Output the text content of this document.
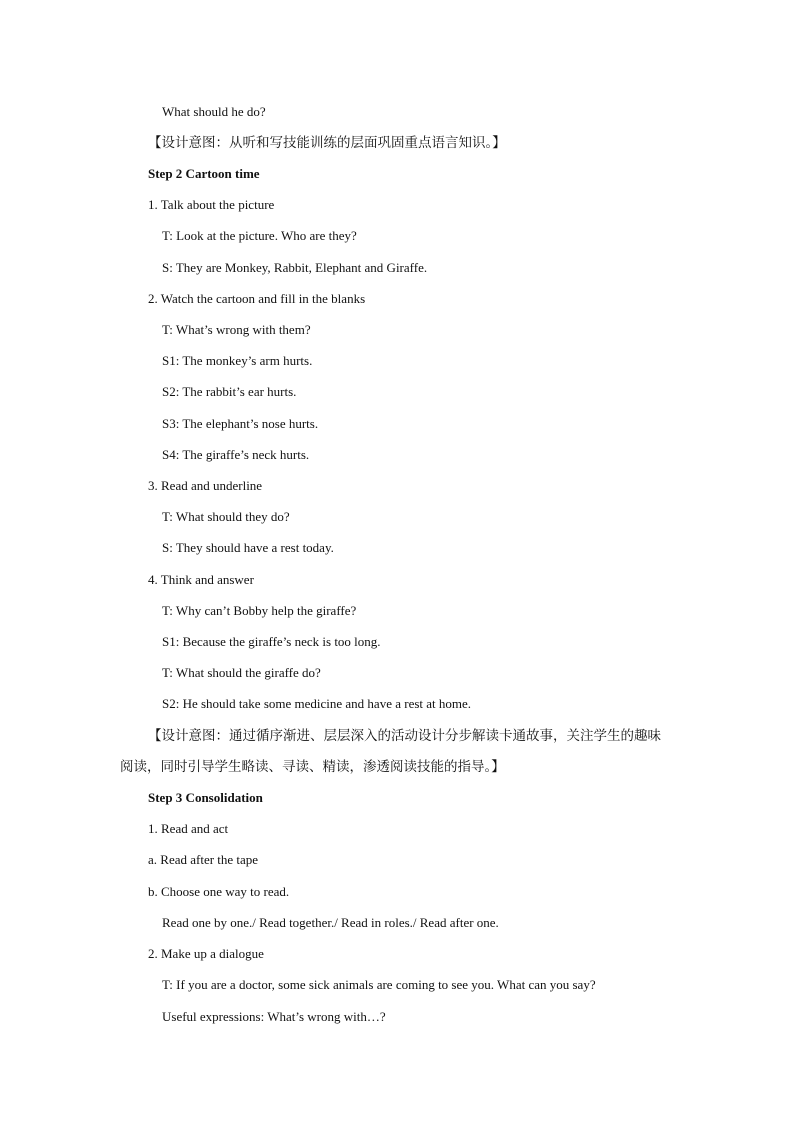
What should he do?
【设计意图：从听和写技能训练的层面巩固重点语言知识。】
Step 2 Cartoon time
1. Talk about the picture
T: Look at the picture. Who are they?
S: They are Monkey, Rabbit, Elephant and Giraffe.
2. Watch the cartoon and fill in the blanks
T: What’s wrong with them?
S1: The monkey’s arm hurts.
S2: The rabbit’s ear hurts.
S3: The elephant’s nose hurts.
S4: The giraffe’s neck hurts.
3. Read and underline
T: What should they do?
S: They should have a rest today.
4. Think and answer
T: Why can’t Bobby help the giraffe?
S1: Because the giraffe’s neck is too long.
T: What should the giraffe do?
S2: He should take some medicine and have a rest at home.
【设计意图：通过循序渐进、层层深入的活动设计分步解读卡通故事，关注学生的趣味
阅读，同时引导学生略读、寻读、精读，渗透阅读技能的指导。】
Step 3 Consolidation
1. Read and act
a. Read after the tape
b. Choose one way to read.
Read one by one./ Read together./ Read in roles./ Read after one.
2. Make up a dialogue
T: If you are a doctor, some sick animals are coming to see you. What can you say?
Useful expressions: What’s wrong with…?
